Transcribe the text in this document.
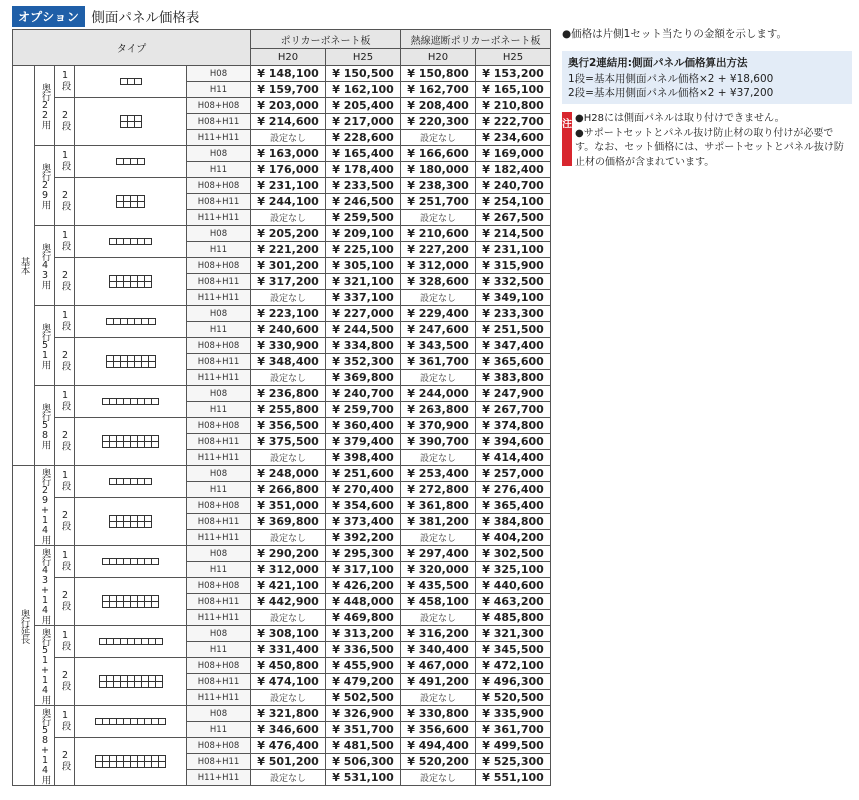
オプション 側面パネル価格表
タイプ					ポリカーボネート板		熱線遮断ポリカーボネート板	
					H20	H25	H20	H25
基本	奥行22用	1段		H08	¥ 148,100	¥ 150,500	¥ 150,800	¥ 153,200
				H11	¥ 159,700	¥ 162,100	¥ 162,700	¥ 165,100
		2段		H08+H08	¥ 203,000	¥ 205,400	¥ 208,400	¥ 210,800
				H08+H11	¥ 214,600	¥ 217,000	¥ 220,300	¥ 222,700
				H11+H11	設定なし	¥ 228,600	設定なし	¥ 234,600
	奥行29用	1段		H08	¥ 163,000	¥ 165,400	¥ 166,600	¥ 169,000
				H11	¥ 176,000	¥ 178,400	¥ 180,000	¥ 182,400
		2段		H08+H08	¥ 231,100	¥ 233,500	¥ 238,300	¥ 240,700
				H08+H11	¥ 244,100	¥ 246,500	¥ 251,700	¥ 254,100
				H11+H11	設定なし	¥ 259,500	設定なし	¥ 267,500
	奥行43用	1段		H08	¥ 205,200	¥ 209,100	¥ 210,600	¥ 214,500
				H11	¥ 221,200	¥ 225,100	¥ 227,200	¥ 231,100
		2段		H08+H08	¥ 301,200	¥ 305,100	¥ 312,000	¥ 315,900
				H08+H11	¥ 317,200	¥ 321,100	¥ 328,600	¥ 332,500
				H11+H11	設定なし	¥ 337,100	設定なし	¥ 349,100
	奥行51用	1段		H08	¥ 223,100	¥ 227,000	¥ 229,400	¥ 233,300
				H11	¥ 240,600	¥ 244,500	¥ 247,600	¥ 251,500
		2段		H08+H08	¥ 330,900	¥ 334,800	¥ 343,500	¥ 347,400
				H08+H11	¥ 348,400	¥ 352,300	¥ 361,700	¥ 365,600
				H11+H11	設定なし	¥ 369,800	設定なし	¥ 383,800
	奥行58用	1段		H08	¥ 236,800	¥ 240,700	¥ 244,000	¥ 247,900
				H11	¥ 255,800	¥ 259,700	¥ 263,800	¥ 267,700
		2段		H08+H08	¥ 356,500	¥ 360,400	¥ 370,900	¥ 374,800
				H08+H11	¥ 375,500	¥ 379,400	¥ 390,700	¥ 394,600
				H11+H11	設定なし	¥ 398,400	設定なし	¥ 414,400
奥行延長	奥行29+14用	1段		H08	¥ 248,000	¥ 251,600	¥ 253,400	¥ 257,000
				H11	¥ 266,800	¥ 270,400	¥ 272,800	¥ 276,400
		2段		H08+H08	¥ 351,000	¥ 354,600	¥ 361,800	¥ 365,400
				H08+H11	¥ 369,800	¥ 373,400	¥ 381,200	¥ 384,800
				H11+H11	設定なし	¥ 392,200	設定なし	¥ 404,200
	奥行43+14用	1段		H08	¥ 290,200	¥ 295,300	¥ 297,400	¥ 302,500
				H11	¥ 312,000	¥ 317,100	¥ 320,000	¥ 325,100
		2段		H08+H08	¥ 421,100	¥ 426,200	¥ 435,500	¥ 440,600
				H08+H11	¥ 442,900	¥ 448,000	¥ 458,100	¥ 463,200
				H11+H11	設定なし	¥ 469,800	設定なし	¥ 485,800
	奥行51+14用	1段		H08	¥ 308,100	¥ 313,200	¥ 316,200	¥ 321,300
				H11	¥ 331,400	¥ 336,500	¥ 340,400	¥ 345,500
		2段		H08+H08	¥ 450,800	¥ 455,900	¥ 467,000	¥ 472,100
				H08+H11	¥ 474,100	¥ 479,200	¥ 491,200	¥ 496,300
				H11+H11	設定なし	¥ 502,500	設定なし	¥ 520,500
	奥行58+14用	1段		H08	¥ 321,800	¥ 326,900	¥ 330,800	¥ 335,900
				H11	¥ 346,600	¥ 351,700	¥ 356,600	¥ 361,700
		2段		H08+H08	¥ 476,400	¥ 481,500	¥ 494,400	¥ 499,500
				H08+H11	¥ 501,200	¥ 506,300	¥ 520,200	¥ 525,300
				H11+H11	設定なし	¥ 531,100	設定なし	¥ 551,100
●価格は片側1セット当たりの金額を示します。
奥行2連結用:側面パネル価格算出方法
1段=基本用側面パネル価格×2 + ¥18,600
2段=基本用側面パネル価格×2 + ¥37,200
注
●H28には側面パネルは取り付けできません。
●サポートセットとパネル抜け防止材の取り付けが必要です。なお、セット価格には、サポートセットとパネル抜け防止材の価格が含まれています。
